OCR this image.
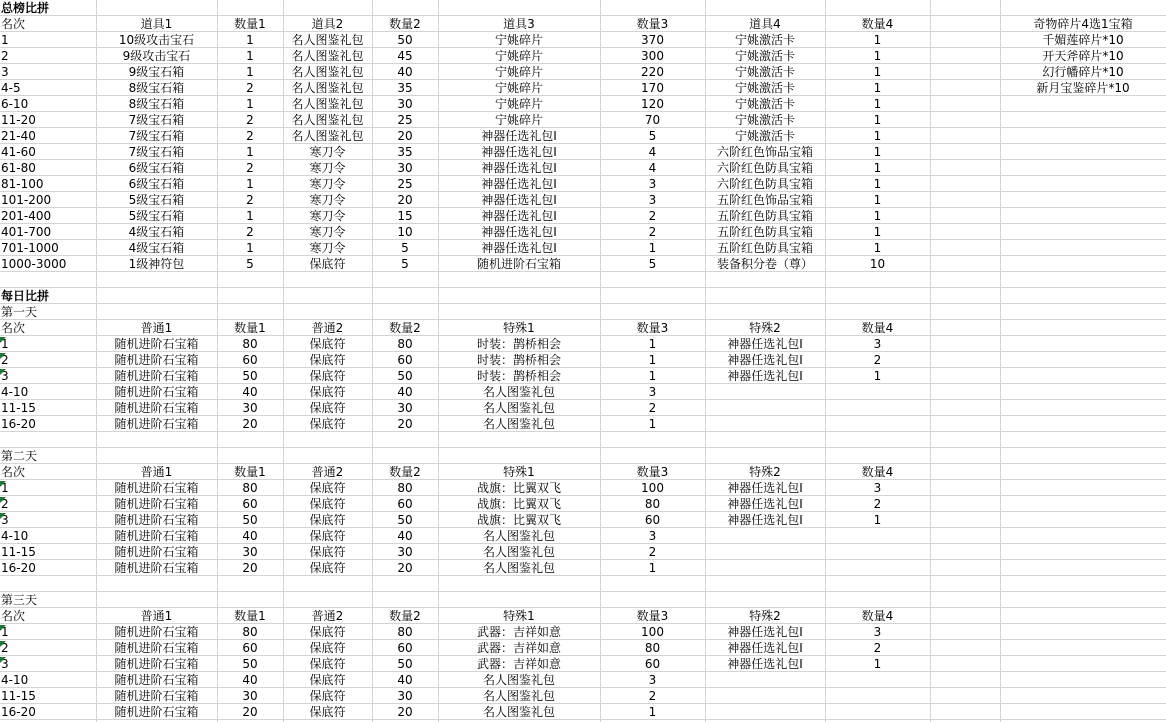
总榜比拼
名次	道具1	数量1	道具2	数量2	道具3	数量3	道具4	数量4	奇物碎片4选1宝箱
1	10级攻击宝石	1	名人图鉴礼包	50	宁姚碎片	370	宁姚激活卡	1	千媚莲碎片*10
2	9级攻击宝石	1	名人图鉴礼包	45	宁姚碎片	300	宁姚激活卡	1	开天斧碎片*10
3	9级宝石箱	1	名人图鉴礼包	40	宁姚碎片	220	宁姚激活卡	1	幻行幡碎片*10
4-5	8级宝石箱	2	名人图鉴礼包	35	宁姚碎片	170	宁姚激活卡	1	新月宝鉴碎片*10
6-10	8级宝石箱	1	名人图鉴礼包	30	宁姚碎片	120	宁姚激活卡	1
11-20	7级宝石箱	2	名人图鉴礼包	25	宁姚碎片	70	宁姚激活卡	1
21-40	7级宝石箱	2	名人图鉴礼包	20	神器任选礼包Ⅰ	5	宁姚激活卡	1
41-60	7级宝石箱	1	寒刀令	35	神器任选礼包Ⅰ	4	六阶红色饰品宝箱	1
61-80	6级宝石箱	2	寒刀令	30	神器任选礼包Ⅰ	4	六阶红色防具宝箱	1
81-100	6级宝石箱	1	寒刀令	25	神器任选礼包Ⅰ	3	六阶红色防具宝箱	1
101-200	5级宝石箱	2	寒刀令	20	神器任选礼包Ⅰ	3	五阶红色饰品宝箱	1
201-400	5级宝石箱	1	寒刀令	15	神器任选礼包Ⅰ	2	五阶红色防具宝箱	1
401-700	4级宝石箱	2	寒刀令	10	神器任选礼包Ⅰ	2	五阶红色防具宝箱	1
701-1000	4级宝石箱	1	寒刀令	5	神器任选礼包Ⅰ	1	五阶红色防具宝箱	1
1000-3000	1级神符包	5	保底符	5	随机进阶石宝箱	5	装备积分卷（尊）	10
每日比拼
第一天
名次	普通1	数量1	普通2	数量2	特殊1	数量3	特殊2	数量4
1	随机进阶石宝箱	80	保底符	80	时装：鹊桥相会	1	神器任选礼包Ⅰ	3
2	随机进阶石宝箱	60	保底符	60	时装：鹊桥相会	1	神器任选礼包Ⅰ	2
3	随机进阶石宝箱	50	保底符	50	时装：鹊桥相会	1	神器任选礼包Ⅰ	1
4-10	随机进阶石宝箱	40	保底符	40	名人图鉴礼包	3
11-15	随机进阶石宝箱	30	保底符	30	名人图鉴礼包	2
16-20	随机进阶石宝箱	20	保底符	20	名人图鉴礼包	1
第二天
名次	普通1	数量1	普通2	数量2	特殊1	数量3	特殊2	数量4
1	随机进阶石宝箱	80	保底符	80	战旗：比翼双飞	100	神器任选礼包Ⅰ	3
2	随机进阶石宝箱	60	保底符	60	战旗：比翼双飞	80	神器任选礼包Ⅰ	2
3	随机进阶石宝箱	50	保底符	50	战旗：比翼双飞	60	神器任选礼包Ⅰ	1
4-10	随机进阶石宝箱	40	保底符	40	名人图鉴礼包	3
11-15	随机进阶石宝箱	30	保底符	30	名人图鉴礼包	2
16-20	随机进阶石宝箱	20	保底符	20	名人图鉴礼包	1
第三天
名次	普通1	数量1	普通2	数量2	特殊1	数量3	特殊2	数量4
1	随机进阶石宝箱	80	保底符	80	武器：吉祥如意	100	神器任选礼包Ⅰ	3
2	随机进阶石宝箱	60	保底符	60	武器：吉祥如意	80	神器任选礼包Ⅰ	2
3	随机进阶石宝箱	50	保底符	50	武器：吉祥如意	60	神器任选礼包Ⅰ	1
4-10	随机进阶石宝箱	40	保底符	40	名人图鉴礼包	3
11-15	随机进阶石宝箱	30	保底符	30	名人图鉴礼包	2
16-20	随机进阶石宝箱	20	保底符	20	名人图鉴礼包	1
